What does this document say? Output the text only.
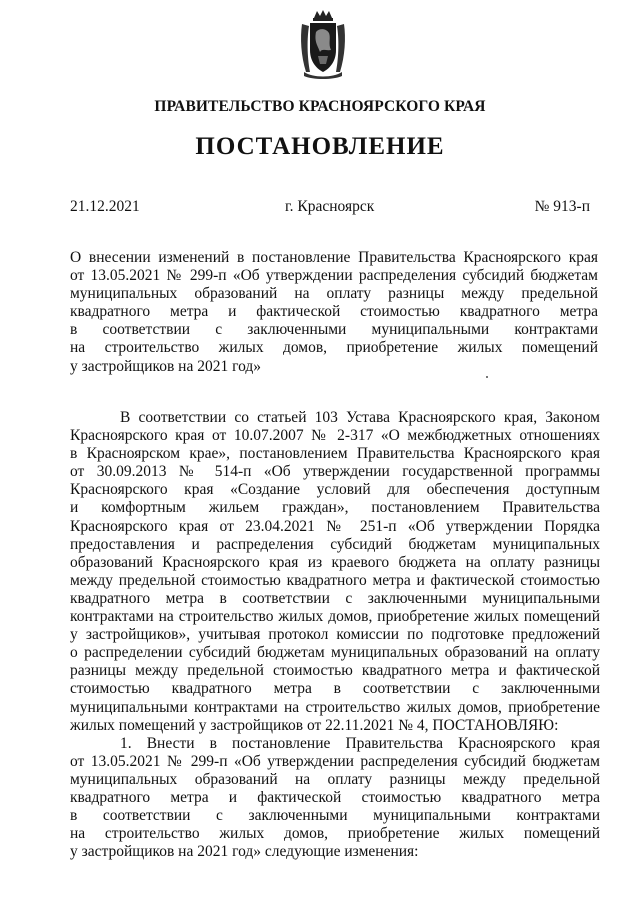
ПРАВИТЕЛЬСТВО КРАСНОЯРСКОГО КРАЯ
ПОСТАНОВЛЕНИЕ
21.12.2021	г. Красноярск	№ 913-п
О внесении изменений в постановление Правительства Красноярского края
от 13.05.2021 № 299-п «Об утверждении распределения субсидий бюджетам
муниципальных образований на оплату разницы между предельной
квадратного метра и фактической стоимостью квадратного метра
в соответствии с заключенными муниципальными контрактами
на строительство жилых домов, приобретение жилых помещений
у застройщиков на 2021 год»
В соответствии со статьей 103 Устава Красноярского края, Законом
Красноярского края от 10.07.2007 № 2-317 «О межбюджетных отношениях
в Красноярском крае», постановлением Правительства Красноярского края
от 30.09.2013 № 514-п «Об утверждении государственной программы
Красноярского края «Создание условий для обеспечения доступным
и комфортным жильем граждан», постановлением Правительства
Красноярского края от 23.04.2021 № 251-п «Об утверждении Порядка
предоставления и распределения субсидий бюджетам муниципальных
образований Красноярского края из краевого бюджета на оплату разницы
между предельной стоимостью квадратного метра и фактической стоимостью
квадратного метра в соответствии с заключенными муниципальными
контрактами на строительство жилых домов, приобретение жилых помещений
у застройщиков», учитывая протокол комиссии по подготовке предложений
о распределении субсидий бюджетам муниципальных образований на оплату
разницы между предельной стоимостью квадратного метра и фактической
стоимостью квадратного метра в соответствии с заключенными
муниципальными контрактами на строительство жилых домов, приобретение
жилых помещений у застройщиков от 22.11.2021 № 4, ПОСТАНОВЛЯЮ:
1. Внести в постановление Правительства Красноярского края
от 13.05.2021 № 299-п «Об утверждении распределения субсидий бюджетам
муниципальных образований на оплату разницы между предельной
квадратного метра и фактической стоимостью квадратного метра
в соответствии с заключенными муниципальными контрактами
на строительство жилых домов, приобретение жилых помещений
у застройщиков на 2021 год» следующие изменения:
